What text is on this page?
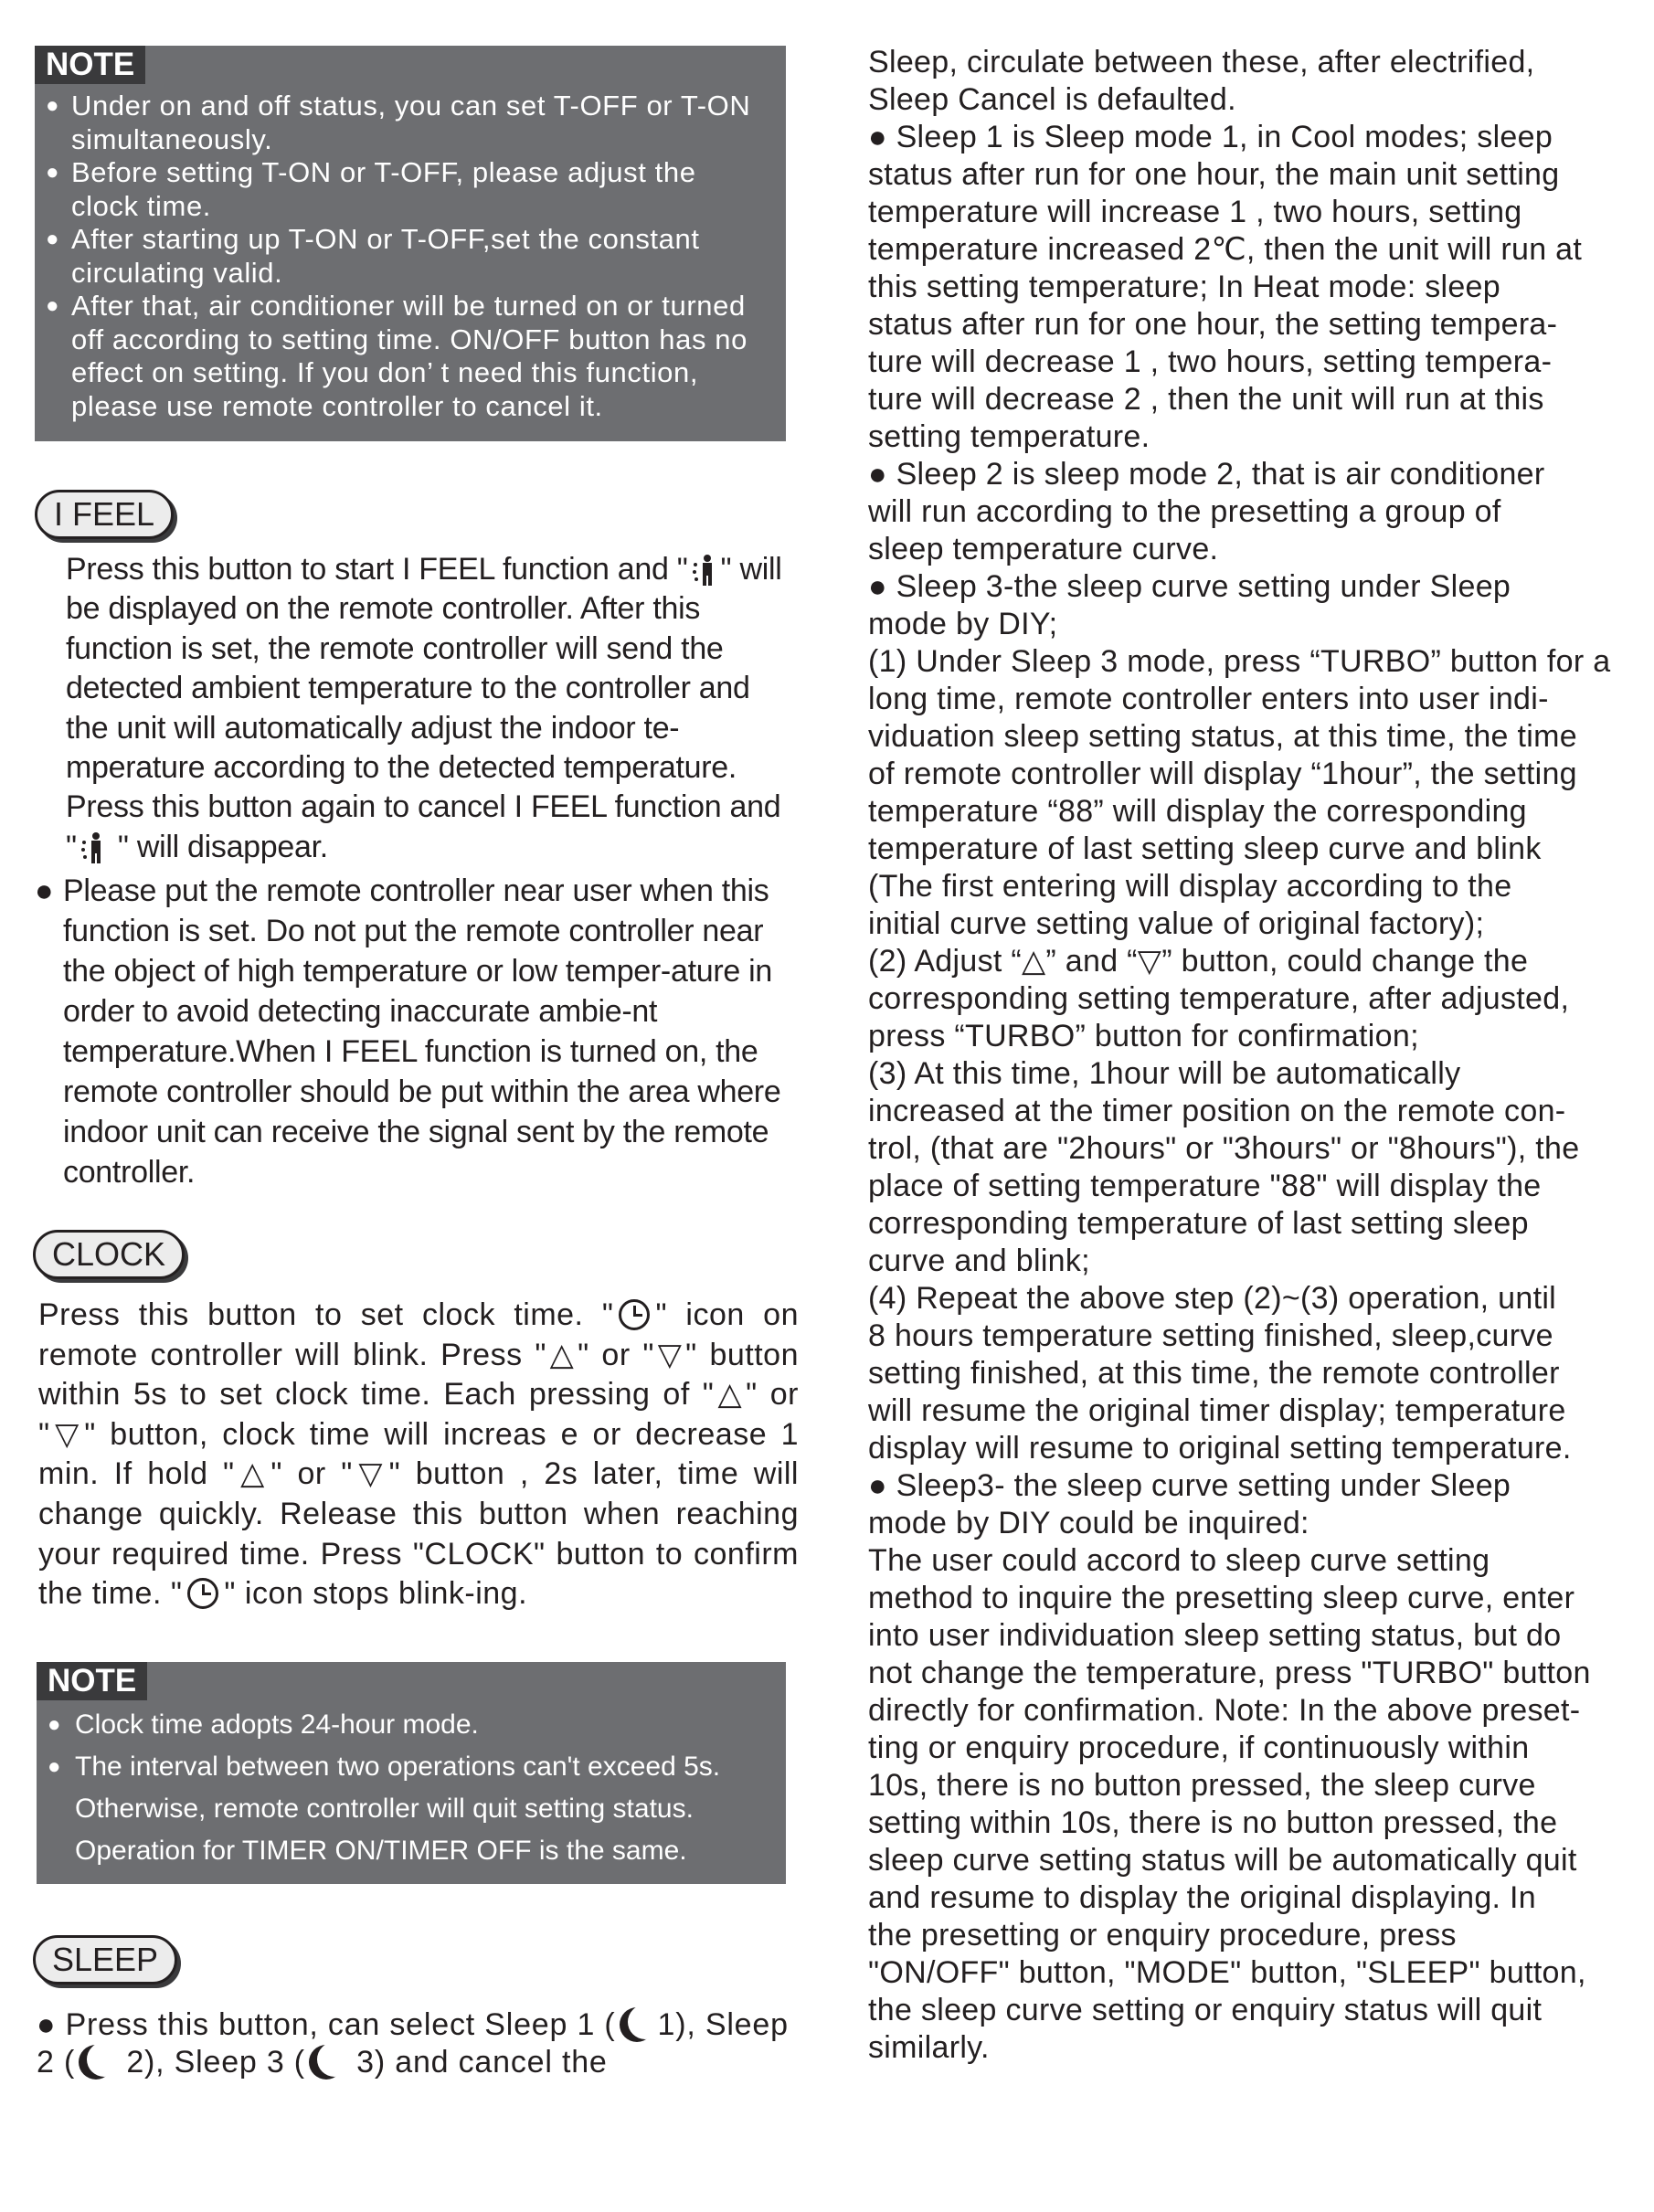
NOTE
● Under on and off status, you can set T-OFF or T-ON simultaneously.
● Before setting T-ON or T-OFF, please adjust the clock time.
● After starting up T-ON or T-OFF,set the constant circulating valid.
● After that, air conditioner will be turned on or turned off according to setting time. ON/OFF button has no effect on setting. If you don’ t need this function, please use remote controller to cancel it.
I FEEL
Press this button to start I FEEL function and " " will be displayed on the remote controller. After this function is set, the remote controller will send the detected ambient temperature to the controller and the unit will automatically adjust the indoor te-mperature according to the detected temperature. Press this button again to cancel I FEEL function and " " will disappear.
● Please put the remote controller near user when this function is set. Do not put the remote controller near the object of high temperature or low temper-ature in order to avoid detecting inaccurate ambie-nt temperature.When I FEEL function is turned on, the remote controller should be put within the area where indoor unit can receive the signal sent by the remote controller.
CLOCK
Press this button to set clock time. " " icon on remote controller will blink. Press "△" or "▽" button within 5s to set clock time. Each pressing of "△" or "▽" button, clock time will increas e or decrease 1 min. If hold "△" or "▽" button , 2s later, time will change quickly. Release this button when reaching your required time. Press "CLOCK" button to confirm the time. " " icon stops blink-ing.
NOTE
● Clock time adopts 24-hour mode.
● The interval between two operations can't exceed 5s. Otherwise, remote controller will quit setting status. Operation for TIMER ON/TIMER OFF is the same.
SLEEP
● Press this button, can select Sleep 1 ( 1), Sleep 2 ( 2), Sleep 3 ( 3) and cancel the
Sleep, circulate between these, after electrified,
Sleep Cancel is defaulted.
● Sleep 1 is Sleep mode 1, in Cool modes; sleep
status after run for one hour, the main unit setting
temperature will increase 1 , two hours, setting
temperature increased 2℃, then the unit will run at
this setting temperature; In Heat mode: sleep
status after run for one hour, the setting tempera-
ture will decrease 1 , two hours, setting tempera-
ture will decrease 2 , then the unit will run at this
setting temperature.
● Sleep 2 is sleep mode 2, that is air conditioner
will run according to the presetting a group of
sleep temperature curve.
● Sleep 3-the sleep curve setting under Sleep
mode by DIY;
(1) Under Sleep 3 mode, press “TURBO” button for a
long time, remote controller enters into user indi-
viduation sleep setting status, at this time, the time
of remote controller will display “1hour”, the setting
temperature “88” will display the corresponding
temperature of last setting sleep curve and blink
(The first entering will display according to the
initial curve setting value of original factory);
(2) Adjust “△” and “▽” button, could change the
corresponding setting temperature, after adjusted,
press “TURBO” button for confirmation;
(3) At this time, 1hour will be automatically
increased at the timer position on the remote con-
trol, (that are "2hours" or "3hours" or "8hours"), the
place of setting temperature "88" will display the
corresponding temperature of last setting sleep
curve and blink;
(4) Repeat the above step (2)~(3) operation, until
8 hours temperature setting finished, sleep,curve
setting finished, at this time, the remote controller
will resume the original timer display; temperature
display will resume to original setting temperature.
● Sleep3- the sleep curve setting under Sleep
mode by DIY could be inquired:
The user could accord to sleep curve setting
method to inquire the presetting sleep curve, enter
into user individuation sleep setting status, but do
not change the temperature, press "TURBO" button
directly for confirmation. Note: In the above preset-
ting or enquiry procedure, if continuously within
10s, there is no button pressed, the sleep curve
setting within 10s, there is no button pressed, the
sleep curve setting status will be automatically quit
and resume to display the original displaying. In
the presetting or enquiry procedure, press
"ON/OFF" button, "MODE" button, "SLEEP" button,
the sleep curve setting or enquiry status will quit
similarly.
